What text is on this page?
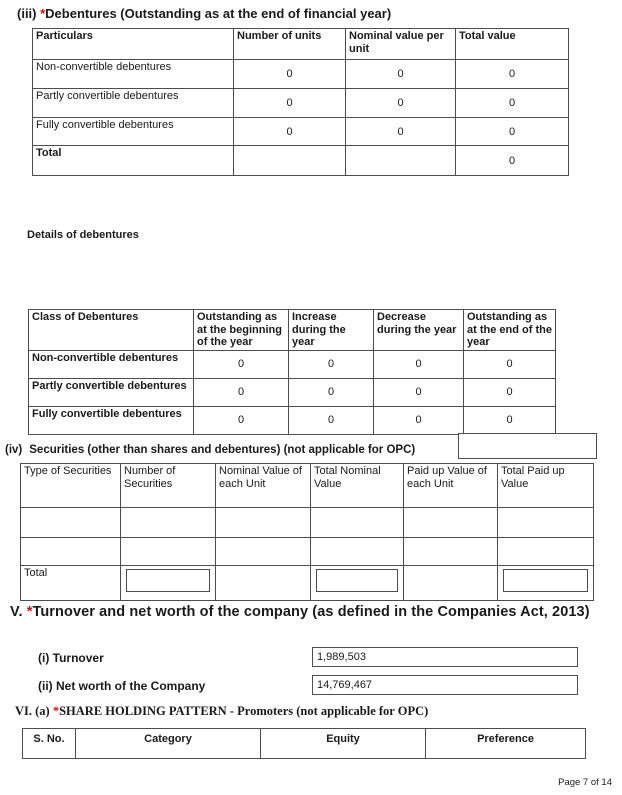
(iii) *Debentures (Outstanding as at the end of financial year)
Particulars	Number of units	Nominal value per unit	Total value
Non-convertible debentures	0	0	0
Partly convertible debentures	0	0	0
Fully convertible debentures	0	0	0
Total			0
Details of debentures
Class of Debentures	Outstanding as at the beginning of the year	Increase during the year	Decrease during the year	Outstanding as at the end of the year
Non-convertible debentures	0	0	0	0
Partly convertible debentures	0	0	0	0
Fully convertible debentures	0	0	0	0
(iv) Securities (other than shares and debentures) (not applicable for OPC)
Type of Securities	Number of Securities	Nominal Value of each Unit	Total Nominal Value	Paid up Value of each Unit	Total Paid up Value

Total	

V. *Turnover and net worth of the company (as defined in the Companies Act, 2013)
(i) Turnover
1,989,503
(ii) Net worth of the Company
14,769,467
VI. (a) *SHARE HOLDING PATTERN - Promoters (not applicable for OPC)
S. No.	Category	Equity	Preference
Page 7 of 14
